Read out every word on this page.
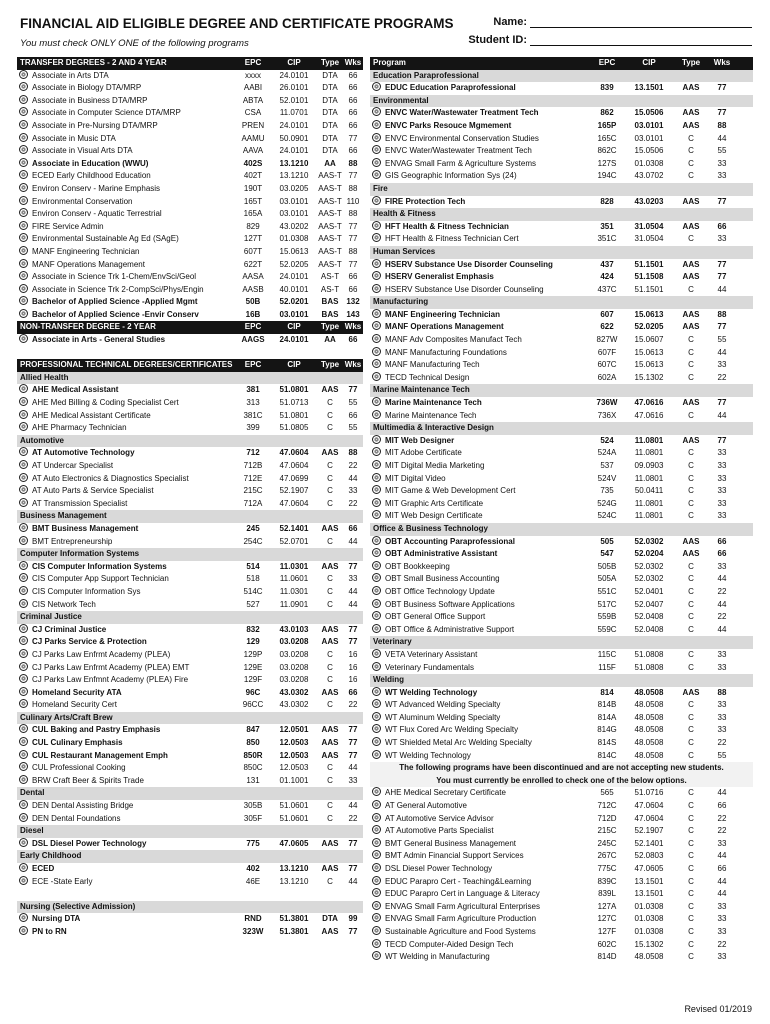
FINANCIAL AID ELIGIBLE DEGREE AND CERTIFICATE PROGRAMS
You must check ONLY ONE of the following programs
Name:
Student ID:
TRANSFER DEGREES - 2 AND 4 YEAR	EPC	CIP	Type Wks
Associate in Arts DTA	xxxx	24.0101	DTA	66
Associate in Biology DTA/MRP	AABI	26.0101	DTA	66
Associate in Business DTA/MRP	ABTA	52.0101	DTA	66
Associate in Computer Science DTA/MRP	CSA	11.0701	DTA	66
Associate in Pre-Nursing DTA/MRP	PREN	24.0101	DTA	66
Associate in Music DTA	AAMU	50.0901	DTA	77
Associate in Visual Arts DTA	AAVA	24.0101	DTA	66
Associate in Education (WWU)	402S	13.1210	AA	88
ECED Early Childhood Education	402T	13.1210	AAS-T 77
Environ Conserv - Marine Emphasis	190T	03.0205	AAS-T 88
Environmental Conservation	165T	03.0101	AAS-T 110
Environ Conserv - Aquatic Terrestrial	165A	03.0101	AAS-T 88
FIRE Service Admin	829	43.0202	AAS-T 77
Environmental Sustainable Ag Ed (SAgE)	127T	01.0308	AAS-T 77
MANF Engineering Technician	607T	15.0613	AAS-T 88
MANF Operations Management	622T	52.0205	AAS-T 77
Associate in Science Trk 1-Chem/EnvSci/Geol	AASA	24.0101	AS-T	66
Associate in Science Trk 2-CompSci/Phys/Engin	AASB	40.0101	AS-T	66
Bachelor of Applied Science -Applied Mgmt	50B	52.0201	BAS 132
Bachelor of Applied Science -Envir Conserv	16B	03.0101	BAS 143
NON-TRANSFER DEGREE - 2 YEAR	EPC	CIP	Type Wks
Associate in Arts - General Studies	AAGS	24.0101	AA	66
PROFESSIONAL TECHNICAL DEGREES/CERTIFICATES	EPC	CIP	Type Wks
Allied Health
AHE Medical Assistant	381	51.0801	AAS	77
AHE Med Billing & Coding Specialist Cert	313	51.0713	C	55
AHE Medical Assistant Certificate	381C	51.0801	C	66
AHE Pharmacy Technician	399	51.0805	C	55
Automotive
AT Automotive Technology	712	47.0604	AAS	88
AT Undercar Specialist	712B	47.0604	C	22
AT Auto Electronics & Diagnostics Specialist	712E	47.0699	C	44
AT Auto Parts & Service Specialist	215C	52.1907	C	33
AT Transmission Specialist	712A	47.0604	C	22
Business Management
BMT Business Management	245	52.1401	AAS	66
BMT Entrepreneurship	254C	52.0701	C	44
Computer Information Systems
CIS Computer Information Systems	514	11.0301	AAS	77
CIS Computer App Support Technician	518	11.0601	C	33
CIS Computer Information Sys	514C	11.0301	C	44
CIS Network Tech	527	11.0901	C	44
Criminal Justice
CJ Criminal Justice	832	43.0103	AAS	77
CJ Parks Service & Protection	129	03.0208	AAS	77
CJ Parks Law Enfrmt Academy (PLEA)	129P	03.0208	C	16
CJ Parks Law Enfrmt Academy (PLEA) EMT	129E	03.0208	C	16
CJ Parks Law Enfmnt Academy (PLEA) Fire	129F	03.0208	C	16
Homeland Security ATA	96C	43.0302	AAS	66
Homeland Security Cert	96CC	43.0302	C	22
Culinary Arts/Craft Brew
CUL Baking and Pastry Emphasis	847	12.0501	AAS	77
CUL Culinary Emphasis	850	12.0503	AAS	77
CUL Restaurant Management Emph	850R	12.0503	AAS	77
CUL Professional Cooking	850C	12.0503	C	44
BRW Craft Beer & Spirits Trade	131	01.1001	C	33
Dental
DEN Dental Assisting Bridge	305B	51.0601	C	44
DEN Dental Foundations	305F	51.0601	C	22
Diesel
DSL Diesel Power Technology	775	47.0605	AAS	77
Early Childhood
ECED	402	13.1210	AAS	77
ECE -State Early	46E	13.1210	C	44
Nursing (Selective Admission)
Nursing DTA	RND	51.3801	DTA	99
PN to RN	323W	51.3801	AAS	77
Program	EPC	CIP	Type	Wks
Education Paraprofessional
EDUC Education Paraprofessional	839	13.1501	AAS	77
Environmental
ENVC Water/Wastewater Treatment Tech	862	15.0506	AAS	77
ENVC Parks Resouce Mgmement	165P	03.0101	AAS	88
ENVC Environmental Conservation Studies	165C	03.0101	C	44
ENVC Water/Wastewater Treatment Tech	862C	15.0506	C	55
ENVAG Small Farm & Agriculture Systems	127S	01.0308	C	33
GIS Geographic Information Sys (24)	194C	43.0702	C	33
Fire
FIRE Protection Tech	828	43.0203	AAS	77
Health & Fitness
HFT Health & Fitness Technician	351	31.0504	AAS	66
HFT Health & Fitness Technician Cert	351C	31.0504	C	33
Human Services
HSERV Substance Use Disorder Counseling	437	51.1501	AAS	77
HSERV Generalist Emphasis	424	51.1508	AAS	77
HSERV Substance Use Disorder Counseling	437C	51.1501	C	44
Manufacturing
MANF Engineering Technician	607	15.0613	AAS	88
MANF Operations Management	622	52.0205	AAS	77
MANF Adv Composites Manufact Tech	827W	15.0607	C	55
MANF Manufacturing Foundations	607F	15.0613	C	44
MANF Manufacturing Tech	607C	15.0613	C	33
TECD Technical Design	602A	15.1302	C	22
Marine Maintenance Tech
Marine Maintenance Tech	736W	47.0616	AAS	77
Marine Maintenance Tech	736X	47.0616	C	44
Multimedia & Interactive Design
MIT Web Designer	524	11.0801	AAS	77
MIT Adobe Certificate	524A	11.0801	C	33
MIT Digital Media Marketing	537	09.0903	C	33
MIT Digital Video	524V	11.0801	C	33
MIT Game & Web Development Cert	735	50.0411	C	33
MIT Graphic Arts Certificate	524G	11.0801	C	33
MIT Web Design Certificate	524C	11.0801	C	33
Office & Business Technology
OBT Accounting Paraprofessional	505	52.0302	AAS	66
OBT Administrative Assistant	547	52.0204	AAS	66
OBT Bookkeeping	505B	52.0302	C	33
OBT Small Business Accounting	505A	52.0302	C	44
OBT Office Technology Update	551C	52.0401	C	22
OBT Business Software Applications	517C	52.0407	C	44
OBT General Office Support	559B	52.0408	C	22
OBT Office & Administrative Support	559C	52.0408	C	44
Veterinary
VETA Veterinary Assistant	115C	51.0808	C	33
Veterinary Fundamentals	115F	51.0808	C	33
Welding
WT Welding Technology	814	48.0508	AAS	88
WT Advanced Welding Specialty	814B	48.0508	C	33
WT Aluminum Welding Specialty	814A	48.0508	C	33
WT Flux Cored Arc Welding Specialty	814G	48.0508	C	33
WT Shielded Metal Arc Welding Specialty	814S	48.0508	C	22
WT Welding Technology	814C	48.0508	C	55
The following programs have been discontinued and are not accepting new students.
You must currently be enrolled to check one of the below options.
AHE Medical Secretary Certificate	565	51.0716	C	44
AT General Automotive	712C	47.0604	C	66
AT Automotive Service Advisor	712D	47.0604	C	22
AT Automotive Parts Specialist	215C	52.1907	C	22
BMT General Business Management	245C	52.1401	C	33
BMT Admin Financial Support Services	267C	52.0803	C	44
DSL Diesel Power Technology	775C	47.0605	C	66
EDUC Parapro Cert - Teaching&Learning	839C	13.1501	C	44
EDUC Parapro Cert in Language & Literacy	839L	13.1501	C	44
ENVAG Small Farm Agricultural Enterprises	127A	01.0308	C	33
ENVAG Small Farm Agriculture Production	127C	01.0308	C	33
Sustainable Agriculture and Food Systems	127F	01.0308	C	33
TECD Computer-Aided Design Tech	602C	15.1302	C	22
WT Welding in Manufacturing	814D	48.0508	C	33
Revised 01/2019
